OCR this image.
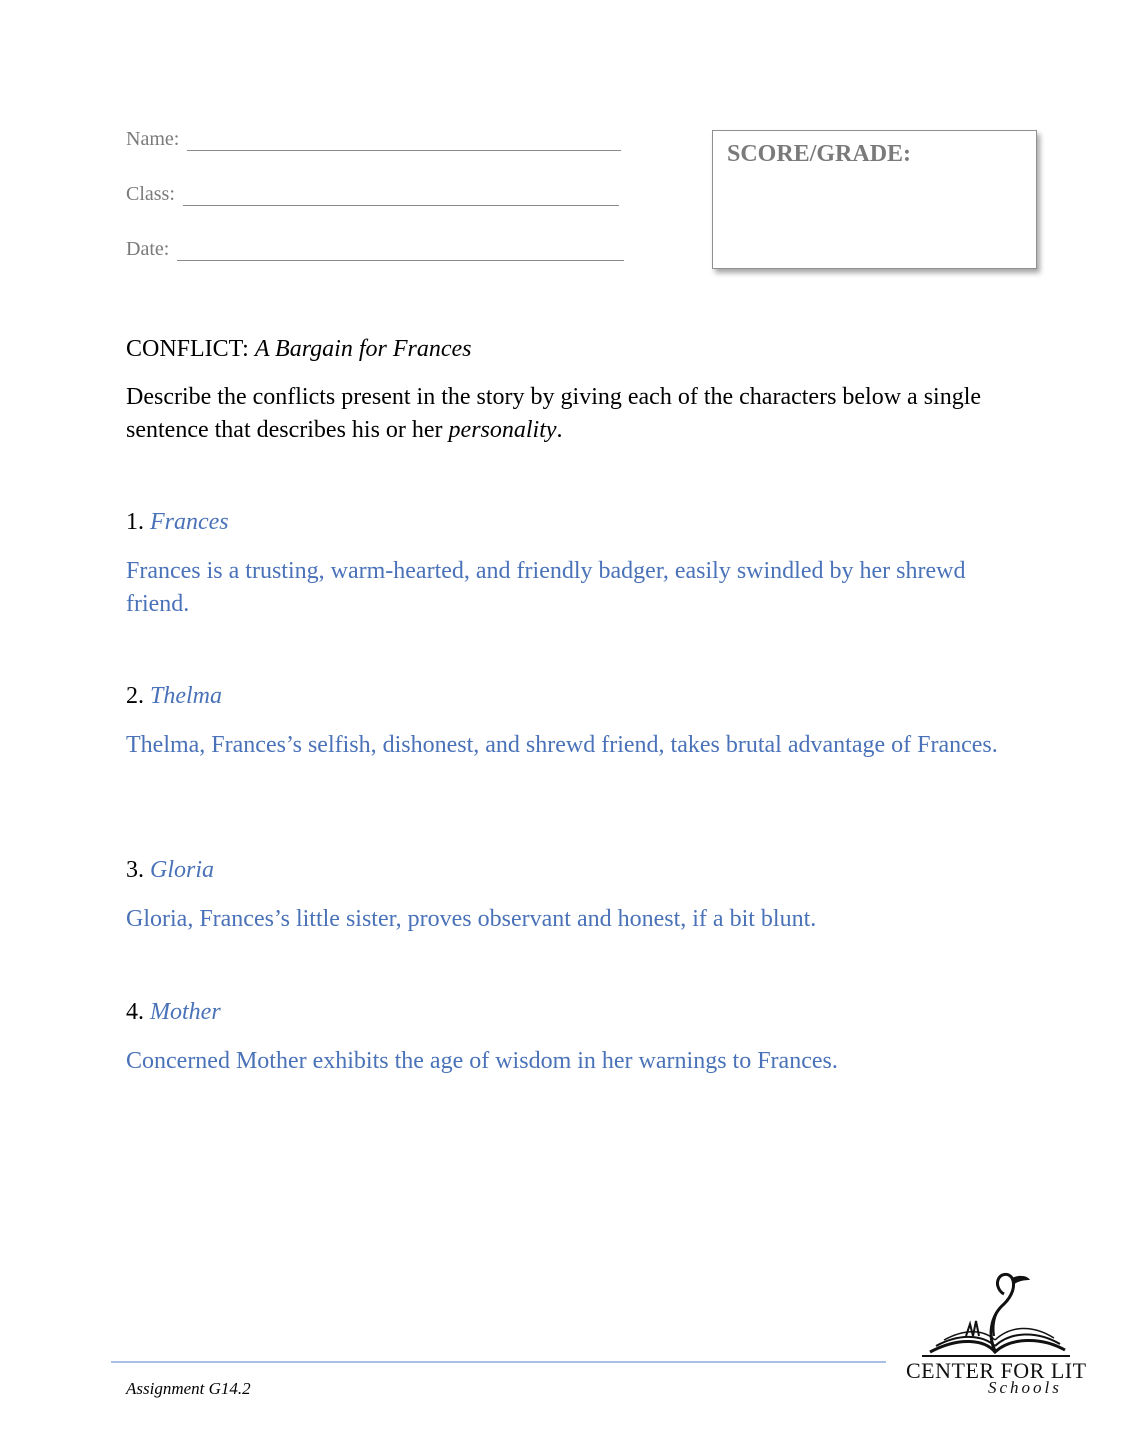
Name:
Class:
Date:
SCORE/GRADE:
CONFLICT: A Bargain for Frances
Describe the conflicts present in the story by giving each of the characters below a single sentence that describes his or her personality.
1. Frances
Frances is a trusting, warm-hearted, and friendly badger, easily swindled by her shrewd friend.
2. Thelma
Thelma, Frances’s selfish, dishonest, and shrewd friend, takes brutal advantage of Frances.
3. Gloria
Gloria, Frances’s little sister, proves observant and honest, if a bit blunt.
4. Mother
Concerned Mother exhibits the age of wisdom in her warnings to Frances.
Assignment G14.2
CENTER FOR LIT
Schools
